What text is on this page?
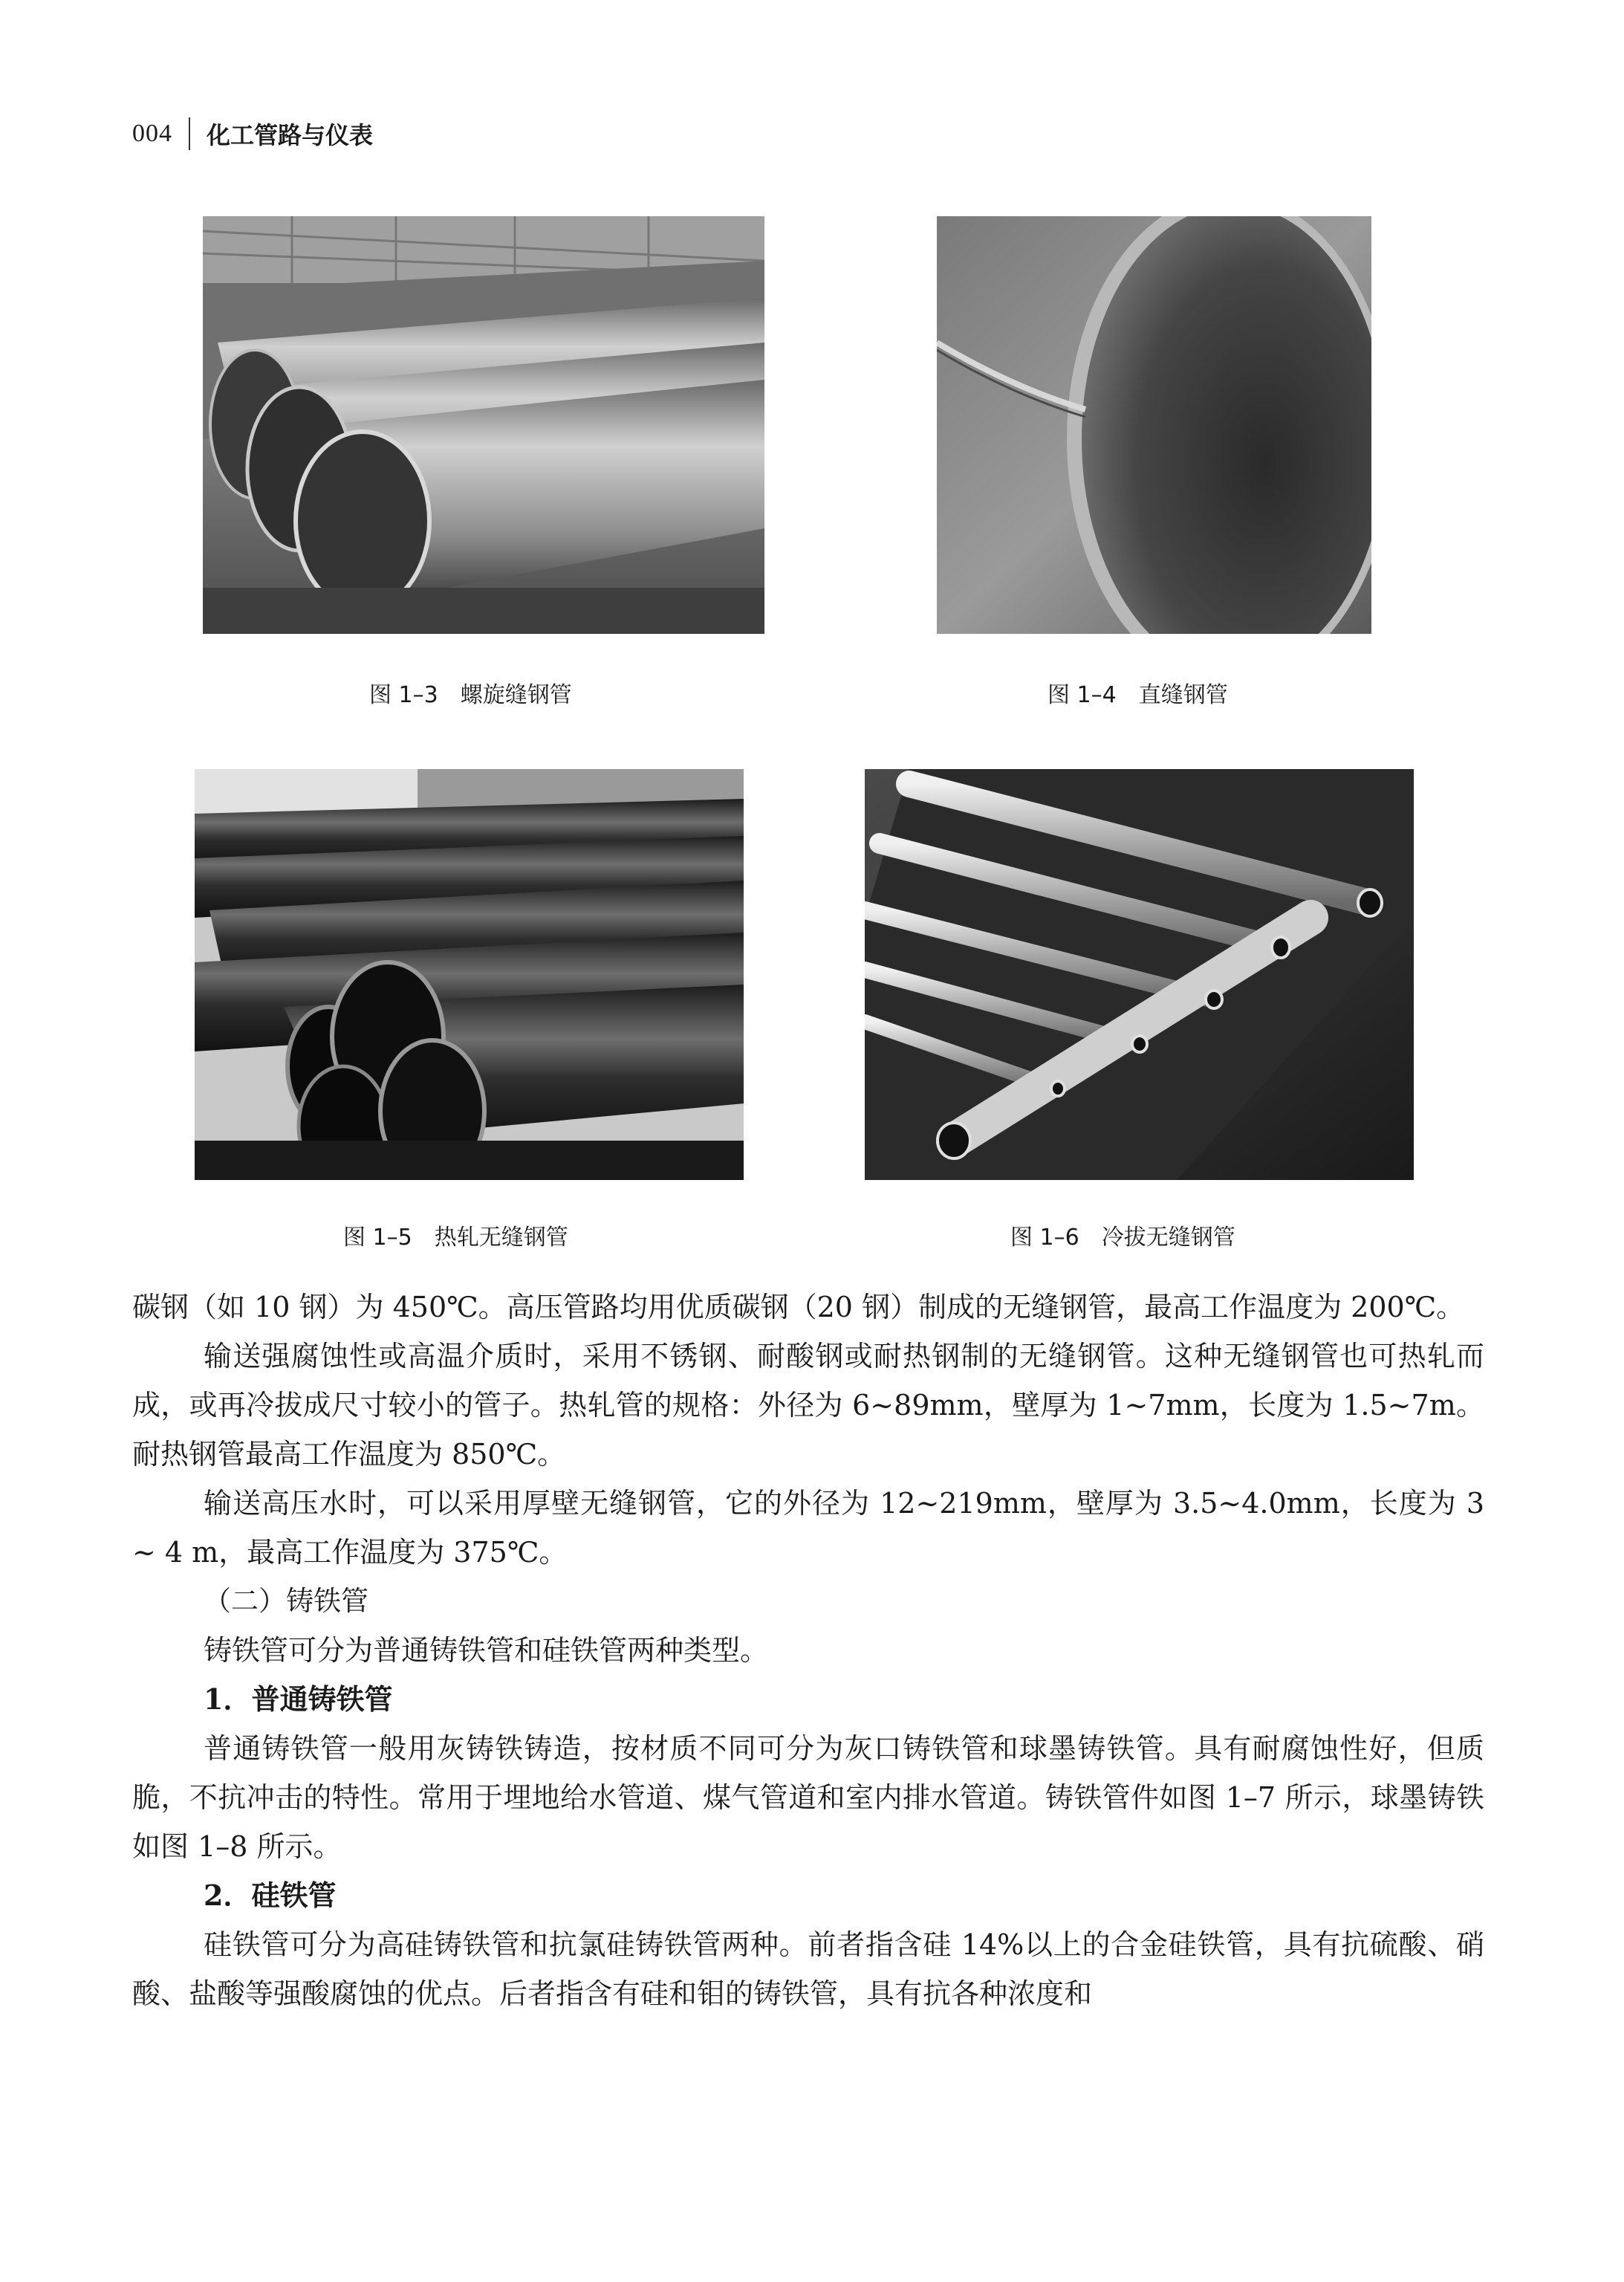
004 化工管路与仪表
图 1–3 螺旋缝钢管	图 1–4 直缝钢管
图 1–5 热轧无缝钢管	图 1–6 冷拔无缝钢管

碳钢（如 10 钢）为 450℃。高压管路均用优质碳钢（20 钢）制成的无缝钢管，最高工作温度为 200℃。

输送强腐蚀性或高温介质时，采用不锈钢、耐酸钢或耐热钢制的无缝钢管。这种无缝钢管也可热轧而成，或再冷拔成尺寸较小的管子。热轧管的规格：外径为 6~89mm，壁厚为 1~7mm，长度为 1.5~7m。耐热钢管最高工作温度为 850℃。

输送高压水时，可以采用厚壁无缝钢管，它的外径为 12~219mm，壁厚为 3.5~4.0mm，长度为 3 ~ 4 m，最高工作温度为 375℃。

（二）铸铁管

铸铁管可分为普通铸铁管和硅铁管两种类型。

1．普通铸铁管

普通铸铁管一般用灰铸铁铸造，按材质不同可分为灰口铸铁管和球墨铸铁管。具有耐腐蚀性好，但质脆，不抗冲击的特性。常用于埋地给水管道、煤气管道和室内排水管道。铸铁管件如图 1–7 所示，球墨铸铁如图 1–8 所示。

2．硅铁管

硅铁管可分为高硅铸铁管和抗氯硅铸铁管两种。前者指含硅 14%以上的合金硅铁管，具有抗硫酸、硝酸、盐酸等强酸腐蚀的优点。后者指含有硅和钼的铸铁管，具有抗各种浓度和
